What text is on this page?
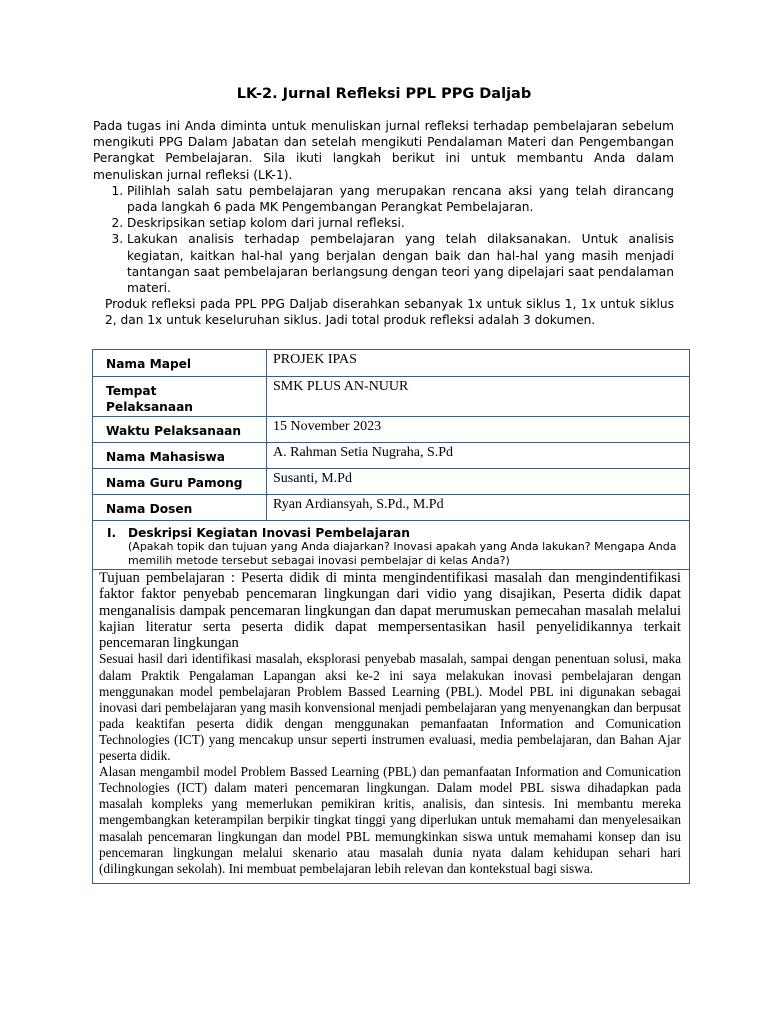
LK-2. Jurnal Refleksi PPL PPG Daljab

Pada tugas ini Anda diminta untuk menuliskan jurnal refleksi terhadap pembelajaran sebelum mengikuti PPG Dalam Jabatan dan setelah mengikuti Pendalaman Materi dan Pengembangan Perangkat Pembelajaran. Sila ikuti langkah berikut ini untuk membantu Anda dalam menuliskan jurnal refleksi (LK-1).

1. Pilihlah salah satu pembelajaran yang merupakan rencana aksi yang telah dirancang pada langkah 6 pada MK Pengembangan Perangkat Pembelajaran.
2. Deskripsikan setiap kolom dari jurnal refleksi.
3. Lakukan analisis terhadap pembelajaran yang telah dilaksanakan. Untuk analisis kegiatan, kaitkan hal-hal yang berjalan dengan baik dan hal-hal yang masih menjadi tantangan saat pembelajaran berlangsung dengan teori yang dipelajari saat pendalaman materi.

Produk refleksi pada PPL PPG Daljab diserahkan sebanyak 1x untuk siklus 1, 1x untuk siklus 2, dan 1x untuk keseluruhan siklus. Jadi total produk refleksi adalah 3 dokumen.

Nama Mapel	PROJEK IPAS
Tempat Pelaksanaan	SMK PLUS AN-NUUR
Waktu Pelaksanaan	15 November 2023
Nama Mahasiswa	A. Rahman Setia Nugraha, S.Pd
Nama Guru Pamong	Susanti, M.Pd
Nama Dosen	Ryan Ardiansyah, S.Pd., M.Pd

I. Deskripsi Kegiatan Inovasi Pembelajaran
(Apakah topik dan tujuan yang Anda diajarkan? Inovasi apakah yang Anda lakukan? Mengapa Anda memilih metode tersebut sebagai inovasi pembelajar di kelas Anda?)	

Tujuan pembelajaran : Peserta didik di minta mengindentifikasi masalah dan mengindentifikasi faktor faktor penyebab pencemaran lingkungan dari vidio yang disajikan, Peserta didik dapat menganalisis dampak pencemaran lingkungan dan dapat merumuskan pemecahan masalah melalui kajian literatur serta peserta didik dapat mempersentasikan hasil penyelidikannya terkait pencemaran lingkungan

Sesuai hasil dari identifikasi masalah, eksplorasi penyebab masalah, sampai dengan penentuan solusi, maka dalam Praktik Pengalaman Lapangan aksi ke-2 ini saya melakukan inovasi pembelajaran dengan menggunakan model pembelajaran Problem Bassed Learning (PBL). Model PBL ini digunakan sebagai inovasi dari pembelajaran yang masih konvensional menjadi pembelajaran yang menyenangkan dan berpusat pada keaktifan peserta didik dengan menggunakan pemanfaatan Information and Comunication Technologies (ICT) yang mencakup unsur seperti instrumen evaluasi, media pembelajaran, dan Bahan Ajar peserta didik.

Alasan mengambil model Problem Bassed Learning (PBL) dan pemanfaatan Information and Comunication Technologies (ICT) dalam materi pencemaran lingkungan. Dalam model PBL siswa dihadapkan pada masalah kompleks yang memerlukan pemikiran kritis, analisis, dan sintesis. Ini membantu mereka mengembangkan keterampilan berpikir tingkat tinggi yang diperlukan untuk memahami dan menyelesaikan masalah pencemaran lingkungan dan model PBL memungkinkan siswa untuk memahami konsep dan isu pencemaran lingkungan melalui skenario atau masalah dunia nyata dalam kehidupan sehari hari (dilingkungan sekolah). Ini membuat pembelajaran lebih relevan dan kontekstual bagi siswa.	
